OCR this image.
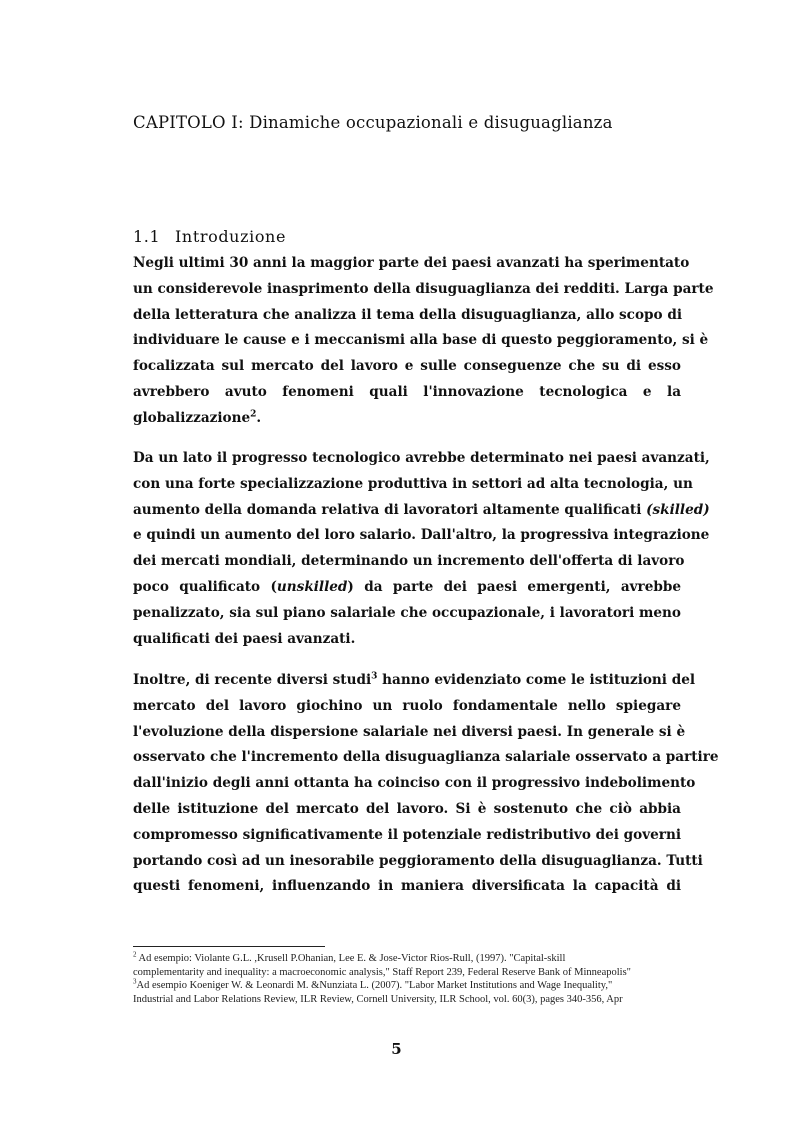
CAPITOLO I: Dinamiche occupazionali e disuguaglianza
1.1 Introduzione
Negli ultimi 30 anni la maggior parte dei paesi avanzati ha sperimentato
un considerevole inasprimento della disuguaglianza dei redditi. Larga parte
della letteratura che analizza il tema della disuguaglianza, allo scopo di
individuare le cause e i meccanismi alla base di questo peggioramento, si è
focalizzata sul mercato del lavoro e sulle conseguenze che su di esso
avrebbero avuto fenomeni quali l'innovazione tecnologica e la
globalizzazione$^2$.
Da un lato il progresso tecnologico avrebbe determinato nei paesi avanzati,
con una forte specializzazione produttiva in settori ad alta tecnologia, un
aumento della domanda relativa di lavoratori altamente qualificati (skilled)
e quindi un aumento del loro salario. Dall'altro, la progressiva integrazione
dei mercati mondiali, determinando un incremento dell'offerta di lavoro
poco qualificato (unskilled) da parte dei paesi emergenti, avrebbe
penalizzato, sia sul piano salariale che occupazionale, i lavoratori meno
qualificati dei paesi avanzati.
Inoltre, di recente diversi studi$^3$ hanno evidenziato come le istituzioni del
mercato del lavoro giochino un ruolo fondamentale nello spiegare
l'evoluzione della dispersione salariale nei diversi paesi. In generale si è
osservato che l'incremento della disuguaglianza salariale osservato a partire
dall'inizio degli anni ottanta ha coinciso con il progressivo indebolimento
delle istituzione del mercato del lavoro. Si è sostenuto che ciò abbia
compromesso significativamente il potenziale redistributivo dei governi
portando così ad un inesorabile peggioramento della disuguaglianza. Tutti
questi fenomeni, influenzando in maniera diversificata la capacità di
$^2$ Ad esempio: Violante G.L. ,Krusell P.Ohanian, Lee E. & Jose-Victor Rios-Rull, (1997). "Capital-skill
complementarity and inequality: a macroeconomic analysis," Staff Report 239, Federal Reserve Bank of Minneapolis"
$^3$Ad esempio Koeniger W. & Leonardi M. &Nunziata L. (2007). "Labor Market Institutions and Wage Inequality,"
Industrial and Labor Relations Review, ILR Review, Cornell University, ILR School, vol. 60(3), pages 340-356, Apr
5
